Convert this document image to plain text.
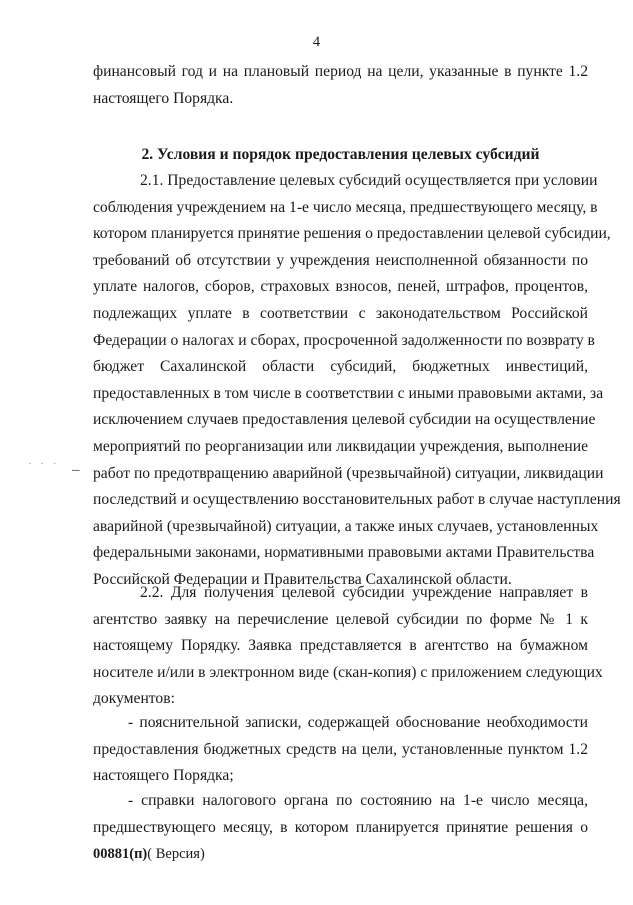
4
финансовый год и на плановый период на цели, указанные в пункте 1.2
настоящего Порядка.
2. Условия и порядок предоставления целевых субсидий
2.1. Предоставление целевых субсидий осуществляется при условии
соблюдения учреждением на 1-е число месяца, предшествующего месяцу, в
котором планируется принятие решения о предоставлении целевой субсидии,
требований об отсутствии у учреждения неисполненной обязанности по
уплате налогов, сборов, страховых взносов, пеней, штрафов, процентов,
подлежащих уплате в соответствии с законодательством Российской
Федерации о налогах и сборах, просроченной задолженности по возврату в
бюджет Сахалинской области субсидий, бюджетных инвестиций,
предоставленных в том числе в соответствии с иными правовыми актами, за
исключением случаев предоставления целевой субсидии на осуществление
мероприятий по реорганизации или ликвидации учреждения, выполнение
работ по предотвращению аварийной (чрезвычайной) ситуации, ликвидации
последствий и осуществлению восстановительных работ в случае наступления
аварийной (чрезвычайной) ситуации, а также иных случаев, установленных
федеральными законами, нормативными правовыми актами Правительства
Российской Федерации и Правительства Сахалинской области.
2.2. Для получения целевой субсидии учреждение направляет в
агентство заявку на перечисление целевой субсидии по форме № 1 к
настоящему Порядку. Заявка представляется в агентство на бумажном
носителе и/или в электронном виде (скан-копия) с приложением следующих
документов:
- пояснительной записки, содержащей обоснование необходимости
предоставления бюджетных средств на цели, установленные пунктом 1.2
настоящего Порядка;
- справки налогового органа по состоянию на 1-е число месяца,
предшествующего месяцу, в котором планируется принятие решения о
· · · _
00881(п)( Версия)
